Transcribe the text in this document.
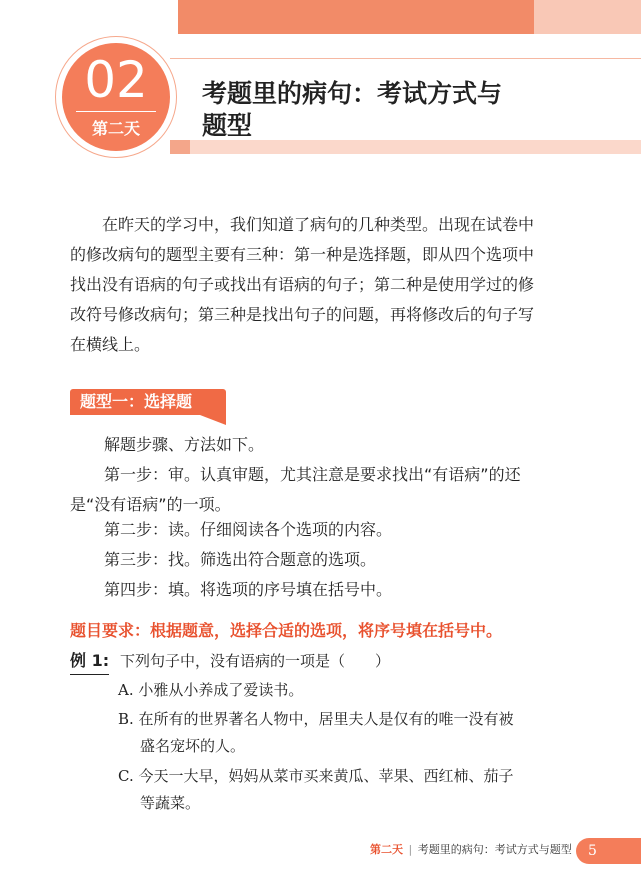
02
第二天
考题里的病句：考试方式与
题型
在昨天的学习中，我们知道了病句的几种类型。出现在试卷中
的修改病句的题型主要有三种：第一种是选择题，即从四个选项中
找出没有语病的句子或找出有语病的句子；第二种是使用学过的修
改符号修改病句；第三种是找出句子的问题，再将修改后的句子写
在横线上。
题型一：选择题
解题步骤、方法如下。
第一步：审。认真审题，尤其注意是要求找出“有语病”的还
是“没有语病”的一项。
第二步：读。仔细阅读各个选项的内容。
第三步：找。筛选出符合题意的选项。
第四步：填。将选项的序号填在括号中。
题目要求：根据题意，选择合适的选项，将序号填在括号中。
例 1: 下列句子中，没有语病的一项是（　　）
A. 小雅从小养成了爱读书。
B. 在所有的世界著名人物中，居里夫人是仅有的唯一没有被
盛名宠坏的人。
C. 今天一大早，妈妈从菜市买来黄瓜、苹果、西红柿、茄子
等蔬菜。
第二天 | 考题里的病句：考试方式与题型 5
